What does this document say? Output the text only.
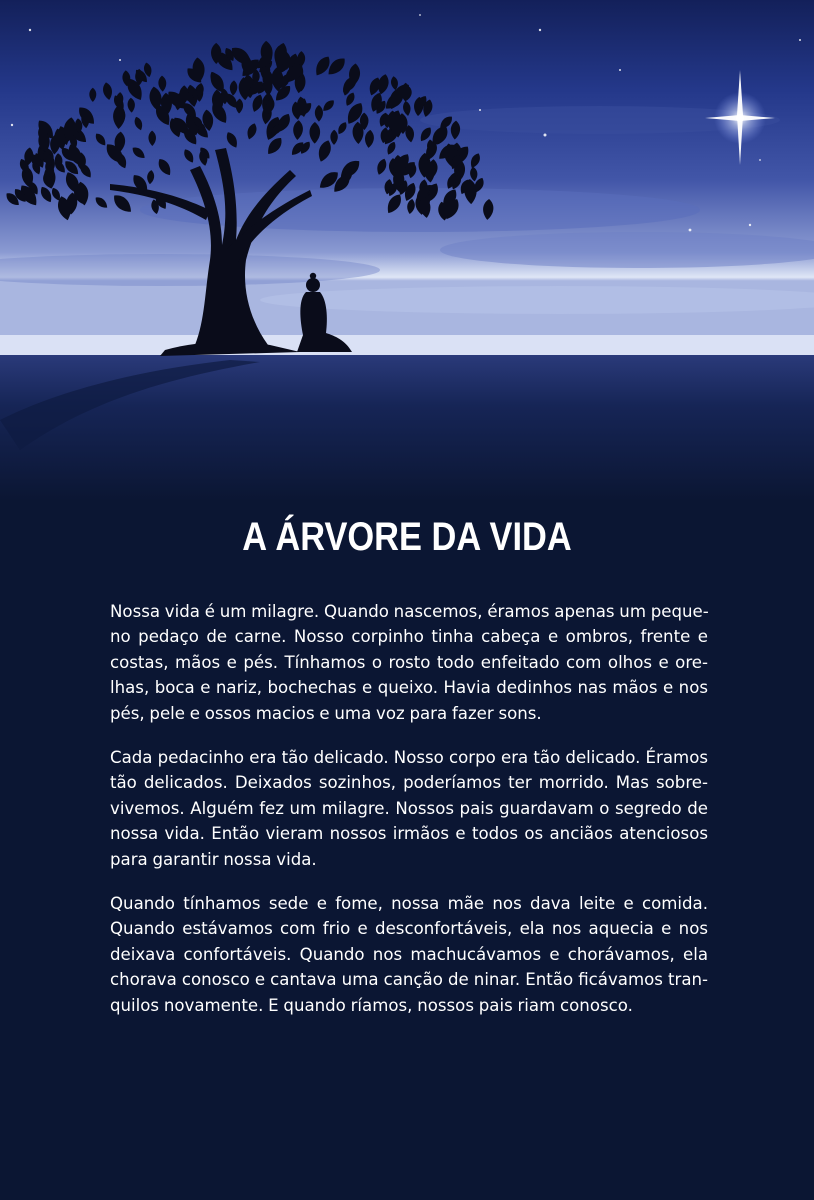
A ÁRVORE DA VIDA

Nossa vida é um milagre. Quando nascemos, éramos apenas um peque-
no pedaço de carne. Nosso corpinho tinha cabeça e ombros, frente e
costas, mãos e pés. Tínhamos o rosto todo enfeitado com olhos e ore-
lhas, boca e nariz, bochechas e queixo. Havia dedinhos nas mãos e nos
pés, pele e ossos macios e uma voz para fazer sons.

Cada pedacinho era tão delicado. Nosso corpo era tão delicado. Éramos
tão delicados. Deixados sozinhos, poderíamos ter morrido. Mas sobre-
vivemos. Alguém fez um milagre. Nossos pais guardavam o segredo de
nossa vida. Então vieram nossos irmãos e todos os anciãos atenciosos
para garantir nossa vida.

Quando tínhamos sede e fome, nossa mãe nos dava leite e comida.
Quando estávamos com frio e desconfortáveis, ela nos aquecia e nos
deixava confortáveis. Quando nos machucávamos e chorávamos, ela
chorava conosco e cantava uma canção de ninar. Então ficávamos tran-
quilos novamente. E quando ríamos, nossos pais riam conosco.
